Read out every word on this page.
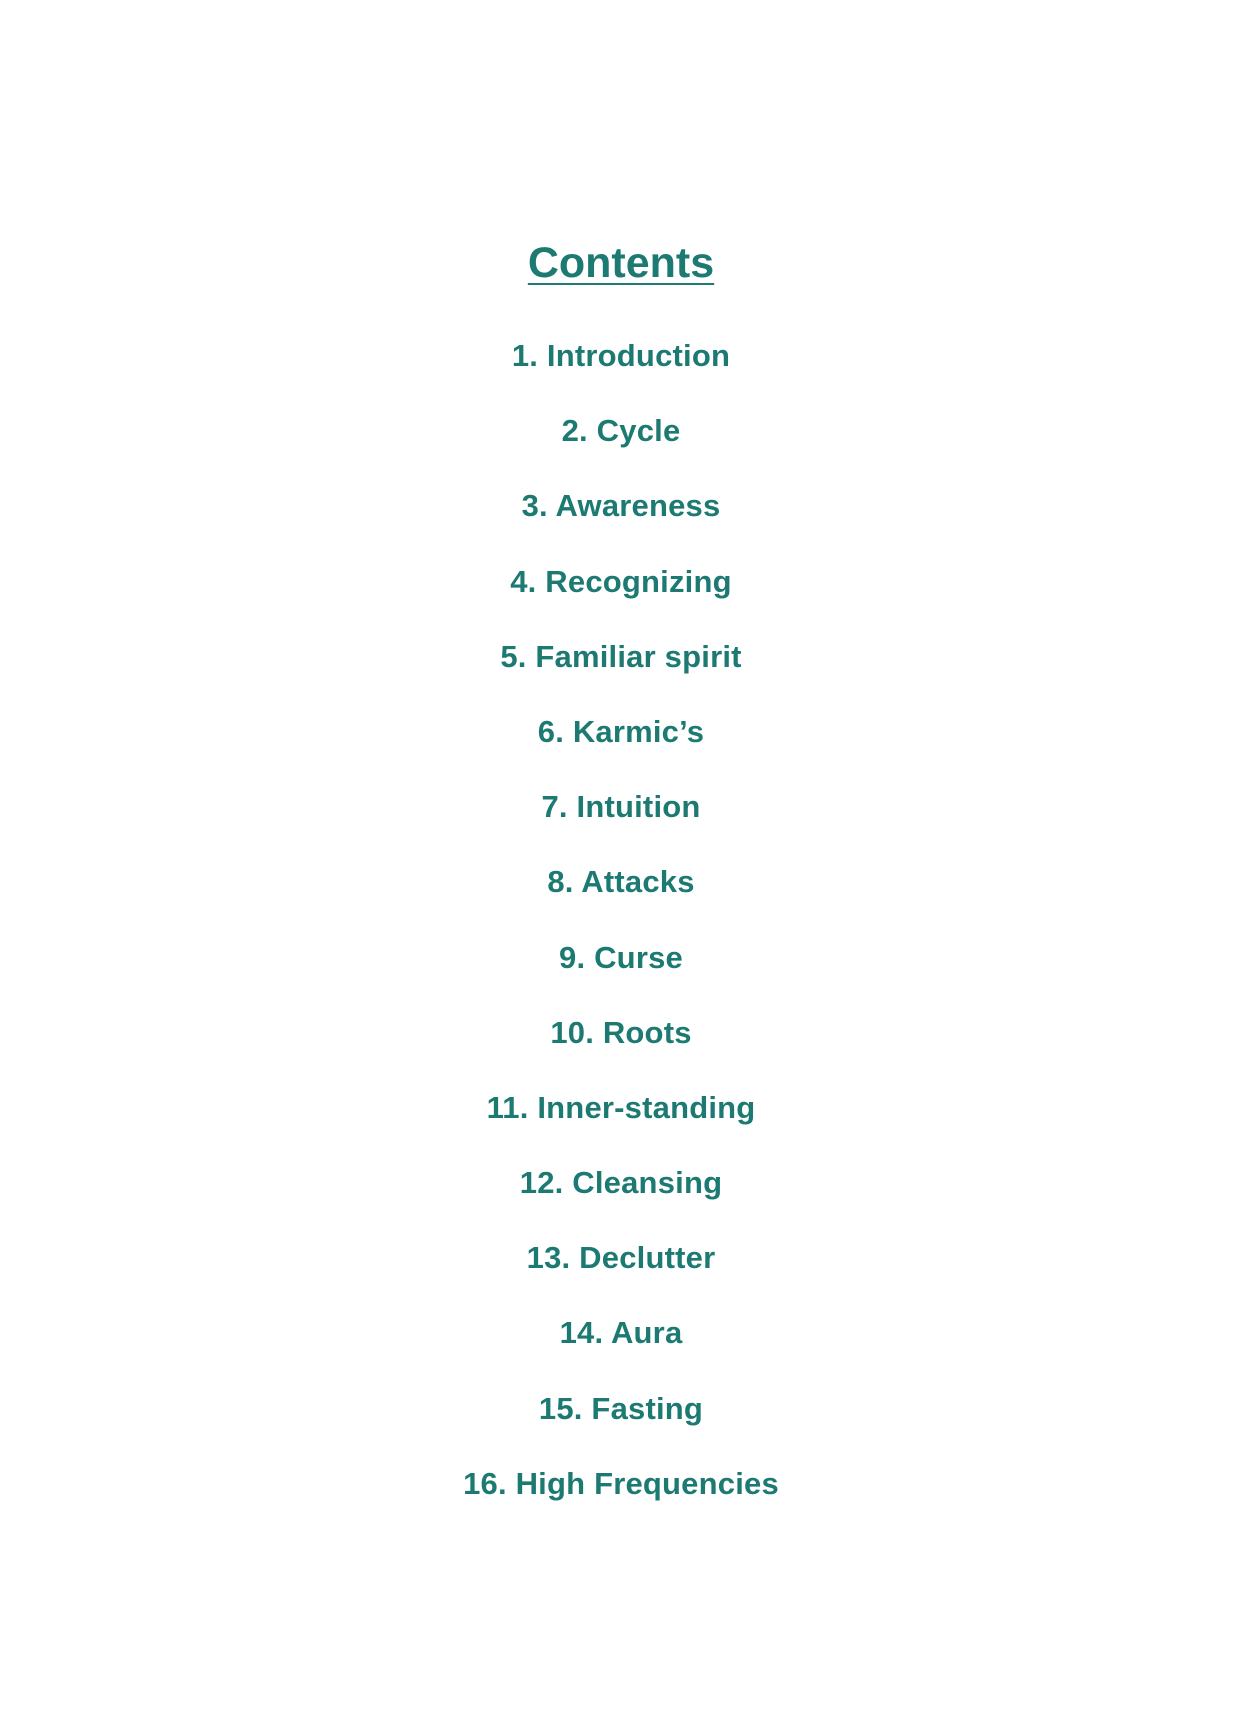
Contents
1. Introduction
2. Cycle
3. Awareness
4. Recognizing
5. Familiar spirit
6. Karmic’s
7. Intuition
8. Attacks
9. Curse
10. Roots
11. Inner-standing
12. Cleansing
13. Declutter
14. Aura
15. Fasting
16. High Frequencies
